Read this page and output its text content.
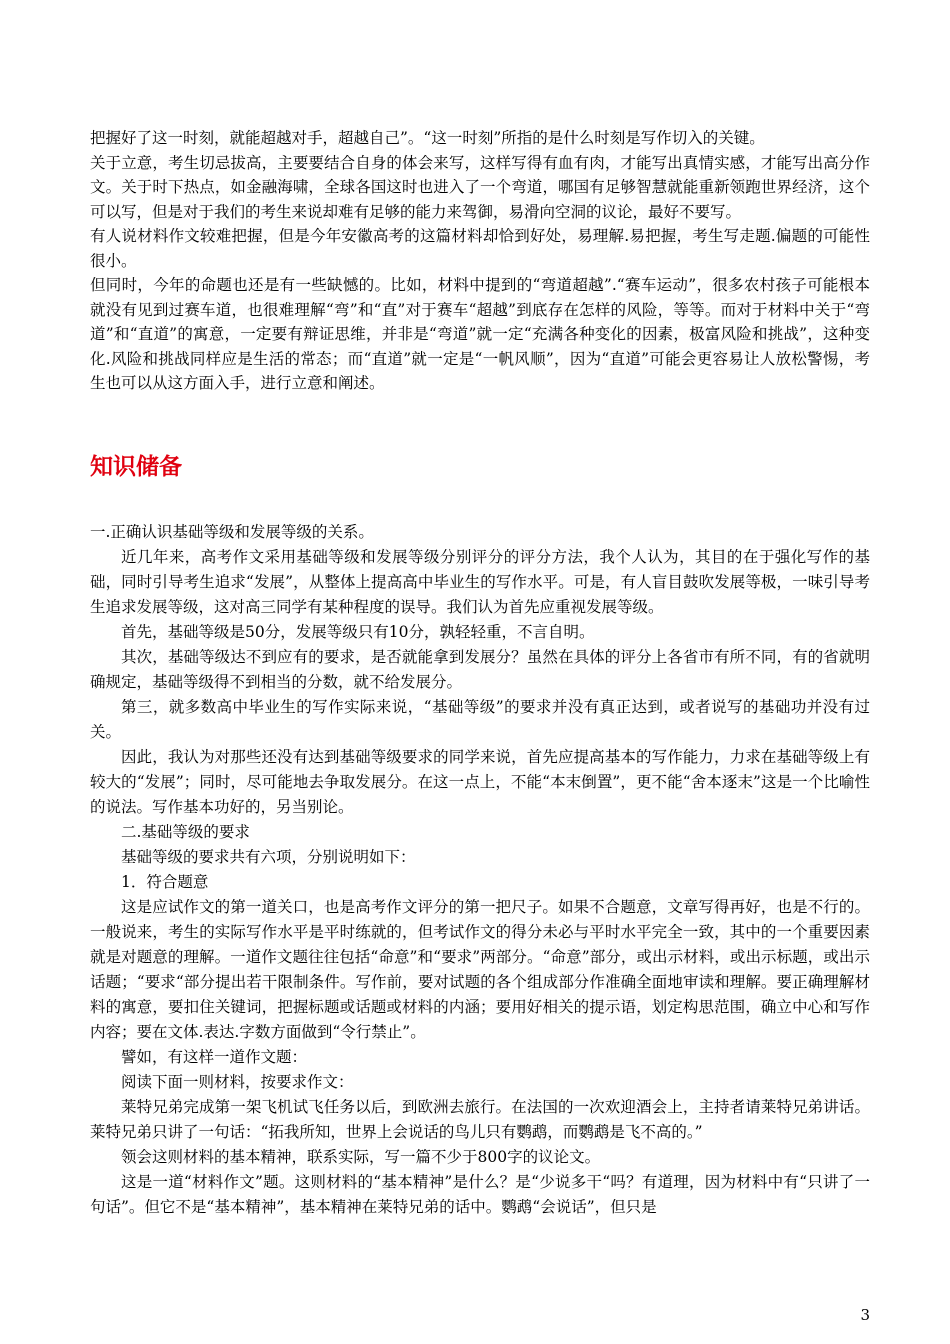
把握好了这一时刻，就能超越对手，超越自己”。“这一时刻”所指的是什么时刻是写作切入的关键。

关于立意，考生切忌拔高，主要要结合自身的体会来写，这样写得有血有肉，才能写出真情实感，才能写出高分作文。关于时下热点，如金融海啸，全球各国这时也进入了一个弯道，哪国有足够智慧就能重新领跑世界经济，这个可以写，但是对于我们的考生来说却难有足够的能力来驾御，易滑向空洞的议论，最好不要写。

有人说材料作文较难把握，但是今年安徽高考的这篇材料却恰到好处，易理解.易把握，考生写走题.偏题的可能性很小。

但同时，今年的命题也还是有一些缺憾的。比如，材料中提到的“弯道超越”.“赛车运动”，很多农村孩子可能根本就没有见到过赛车道，也很难理解“弯”和“直”对于赛车“超越”到底存在怎样的风险，等等。而对于材料中关于“弯道”和“直道”的寓意，一定要有辩证思维，并非是“弯道”就一定“充满各种变化的因素，极富风险和挑战”，这种变化.风险和挑战同样应是生活的常态；而“直道”就一定是“一帆风顺”，因为“直道”可能会更容易让人放松警惕，考生也可以从这方面入手，进行立意和阐述。

知识储备

一.正确认识基础等级和发展等级的关系。

近几年来，高考作文采用基础等级和发展等级分别评分的评分方法，我个人认为，其目的在于强化写作的基础，同时引导考生追求“发展”，从整体上提高高中毕业生的写作水平。可是，有人盲目鼓吹发展等极，一味引导考生追求发展等级，这对高三同学有某种程度的误导。我们认为首先应重视发展等级。

首先，基础等级是50分，发展等级只有10分，孰轻轻重，不言自明。

其次，基础等级达不到应有的要求，是否就能拿到发展分？虽然在具体的评分上各省市有所不同，有的省就明确规定，基础等级得不到相当的分数，就不给发展分。

第三，就多数高中毕业生的写作实际来说，“基础等级”的要求并没有真正达到，或者说写的基础功并没有过关。

因此，我认为对那些还没有达到基础等级要求的同学来说，首先应提高基本的写作能力，力求在基础等级上有较大的“发展”；同时，尽可能地去争取发展分。在这一点上，不能“本末倒置”，更不能“舍本逐末”这是一个比喻性的说法。写作基本功好的，另当别论。

二.基础等级的要求

基础等级的要求共有六项，分别说明如下：

1．符合题意

这是应试作文的第一道关口，也是高考作文评分的第一把尺子。如果不合题意，文章写得再好，也是不行的。一般说来，考生的实际写作水平是平时练就的，但考试作文的得分未必与平时水平完全一致，其中的一个重要因素就是对题意的理解。一道作文题往往包括“命意”和“要求”两部分。“命意”部分，或出示材料，或出示标题，或出示话题；“要求“部分提出若干限制条件。写作前，要对试题的各个组成部分作准确全面地审读和理解。要正确理解材料的寓意，要扣住关键词，把握标题或话题或材料的内涵；要用好相关的提示语，划定构思范围，确立中心和写作内容；要在文体.表达.字数方面做到“令行禁止”。

譬如，有这样一道作文题：

阅读下面一则材料，按要求作文：

莱特兄弟完成第一架飞机试飞任务以后，到欧洲去旅行。在法国的一次欢迎酒会上，主持者请莱特兄弟讲话。莱特兄弟只讲了一句话：“拓我所知，世界上会说话的鸟儿只有鹦鹉，而鹦鹉是飞不高的。”

领会这则材料的基本精神，联系实际，写一篇不少于800字的议论文。

这是一道“材料作文”题。这则材料的“基本精神”是什么？是“少说多干“吗？有道理，因为材料中有“只讲了一句话”。但它不是“基本精神”，基本精神在莱特兄弟的话中。鹦鹉“会说话”，但只是

3
